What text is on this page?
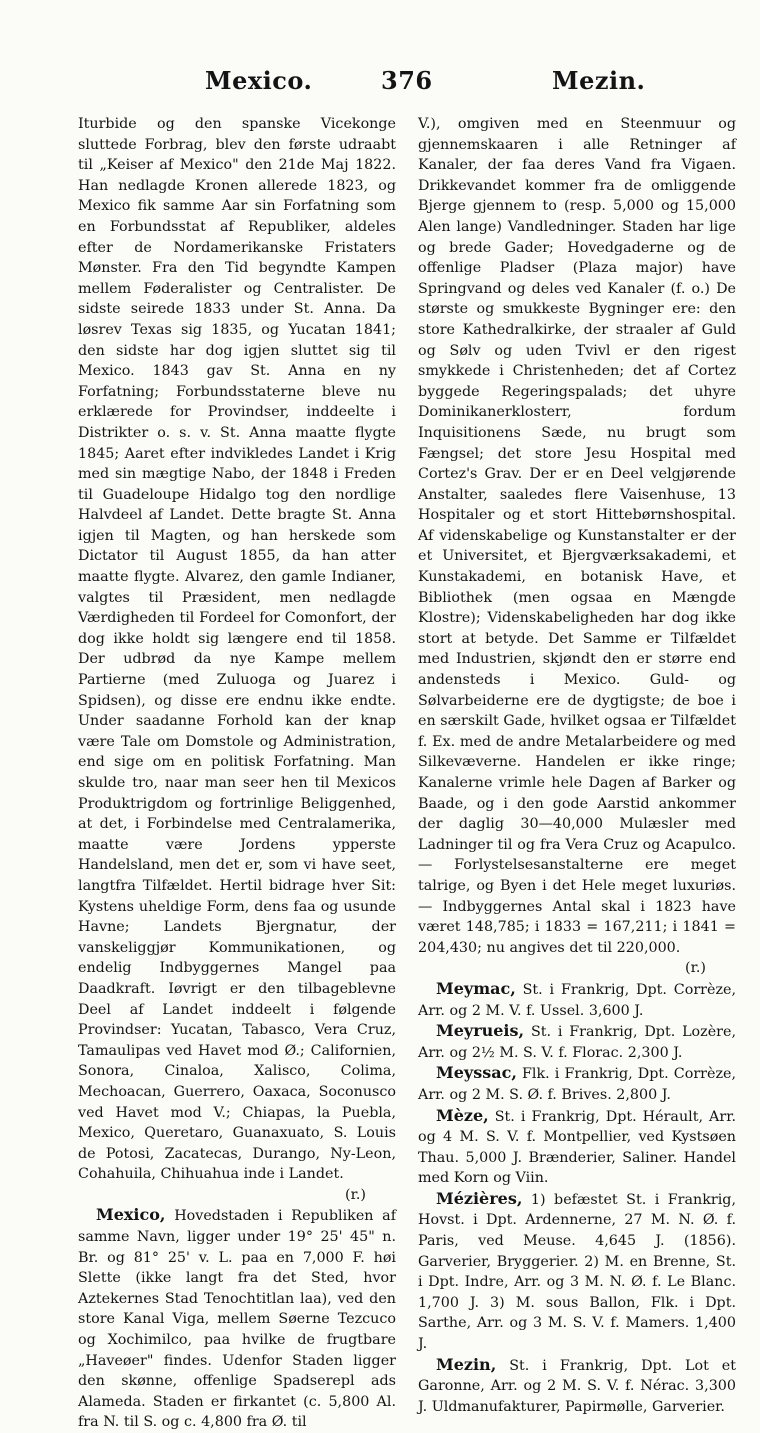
Mexico.	376	Mezin.

Iturbide og den spanske Vicekonge sluttede Forbrag, blev den første udraabt til „Keiser af Mexico" den 21de Maj 1822. Han nedlagde Kronen allerede 1823, og Mexico fik samme Aar sin Forfatning som en Forbundsstat af Republiker, aldeles efter de Nordamerikanske Fristaters Mønster. Fra den Tid begyndte Kampen mellem Føderalister og Centralister. De sidste seirede 1833 under St. Anna. Da løsrev Texas sig 1835, og Yucatan 1841; den sidste har dog igjen sluttet sig til Mexico. 1843 gav St. Anna en ny Forfatning; Forbundsstaterne bleve nu erklærede for Provindser, inddeelte i Distrikter o. s. v. St. Anna maatte flygte 1845; Aaret efter indvikledes Landet i Krig med sin mægtige Nabo, der 1848 i Freden til Guadeloupe Hidalgo tog den nordlige Halvdeel af Landet. Dette bragte St. Anna igjen til Magten, og han herskede som Dictator til August 1855, da han atter maatte flygte. Alvarez, den gamle Indianer, valgtes til Præsident, men nedlagde Værdigheden til Fordeel for Comonfort, der dog ikke holdt sig længere end til 1858. Der udbrød da nye Kampe mellem Partierne (med Zuluoga og Juarez i Spidsen), og disse ere endnu ikke endte. Under saadanne Forhold kan der knap være Tale om Domstole og Administration, end sige om en politisk Forfatning. Man skulde tro, naar man seer hen til Mexicos Produktrigdom og fortrinlige Beliggenhed, at det, i Forbindelse med Centralamerika, maatte være Jordens ypperste Handelsland, men det er, som vi have seet, langtfra Tilfældet. Hertil bidrage hver Sit: Kystens uheldige Form, dens faa og usunde Havne; Landets Bjergnatur, der vanskeliggjør Kommunikationen, og endelig Indbyggernes Mangel paa Daadkraft. Iøvrigt er den tilbageblevne Deel af Landet inddeelt i følgende Provindser: Yucatan, Tabasco, Vera Cruz, Tamaulipas ved Havet mod Ø.; Californien, Sonora, Cinaloa, Xalisco, Colima, Mechoacan, Guerrero, Oaxaca, Soconusco ved Havet mod V.; Chiapas, la Puebla, Mexico, Queretaro, Guanaxuato, S. Louis de Potosi, Zacatecas, Durango, Ny-Leon, Cohahuila, Chihuahua inde i Landet.

(r.)

Mexico, Hovedstaden i Republiken af samme Navn, ligger under 19° 25' 45" n. Br. og 81° 25' v. L. paa en 7,000 F. høi Slette (ikke langt fra det Sted, hvor Aztekernes Stad Tenochtitlan laa), ved den store Kanal Viga, mellem Søerne Tezcuco og Xochimilco, paa hvilke de frugtbare „Haveøer" findes. Udenfor Staden ligger den skønne, offenlige Spadserepl ads Alamedа. Staden er firkantet (c. 5,800 Al. fra N. til S. og c. 4,800 fra Ø. til

V.), omgiven med en Steenmuur og gjennemskaaren i alle Retninger af Kanaler, der faa deres Vand fra Vigaen. Drikkevandet kommer fra de omliggende Bjerge gjennem to (resp. 5,000 og 15,000 Alen lange) Vandledninger. Staden har lige og brede Gader; Hovedgaderne og de offenlige Pladser (Plaza major) have Springvand og deles ved Kanaler (f. o.) De største og smukkeste Bygninger ere: den store Kathedralkirke, der straaler af Guld og Sølv og uden Tvivl er den rigest smykkede i Christenheden; det af Cortez byggede Regeringspalads; det uhyre Dominikanerklosterr, fordum Inquisitionens Sæde, nu brugt som Fængsel; det store Jesu Hospital med Cortez's Grav. Der er en Deel velgjørende Anstalter, saaledes flere Vaisenhuse, 13 Hospitaler og et stort Hittebørnshospital. Af videnskabelige og Kunstanstalter er der et Universitet, et Bjergværksakademi, et Kunstakademi, en botanisk Have, et Bibliothek (men ogsaa en Mængde Klostre); Videnskabeligheden har dog ikke stort at betyde. Det Samme er Tilfældet med Industrien, skjøndt den er større end andensteds i Mexico. Guld- og Sølvarbeiderne ere de dygtigste; de boe i en særskilt Gade, hvilket ogsaa er Tilfældet f. Ex. med de andre Metalarbeidere og med Silkevæverne. Handelen er ikke ringe; Kanalerne vrimle hele Dagen af Barker og Baade, og i den gode Aarstid ankommer der daglig 30—40,000 Mulæsler med Ladninger til og fra Vera Cruz og Acapulco. — Forlystelsesanstalterne ere meget talrige, og Byen i det Hele meget luxuriøs. — Indbyggernes Antal skal i 1823 have været 148,785; i 1833 = 167,211; i 1841 = 204,430; nu angives det til 220,000.

(r.)

Meymac, St. i Frankrig, Dpt. Corrèze, Arr. og 2 M. V. f. Ussel. 3,600 J.

Meyrueis, St. i Frankrig, Dpt. Lozère, Arr. og 2½ M. S. V. f. Florac. 2,300 J.

Meyssac, Flk. i Frankrig, Dpt. Corrèze, Arr. og 2 M. S. Ø. f. Brives. 2,800 J.

Mèze, St. i Frankrig, Dpt. Hérault, Arr. og 4 M. S. V. f. Montpellier, ved Kystsøen Thau. 5,000 J. Brænderier, Saliner. Handel med Korn og Viin.

Mézières, 1) befæstet St. i Frankrig, Hovst. i Dpt. Ardennerne, 27 M. N. Ø. f. Paris, ved Meuse. 4,645 J. (1856). Garverier, Bryggerier. 2) M. en Brenne, St. i Dpt. Indre, Arr. og 3 M. N. Ø. f. Le Blanc. 1,700 J. 3) M. sous Ballon, Flk. i Dpt. Sarthe, Arr. og 3 M. S. V. f. Mamers. 1,400 J.

Mezin, St. i Frankrig, Dpt. Lot et Garonne, Arr. og 2 M. S. V. f. Nérac. 3,300 J. Uldmanufakturer, Papirmølle, Garverier.
